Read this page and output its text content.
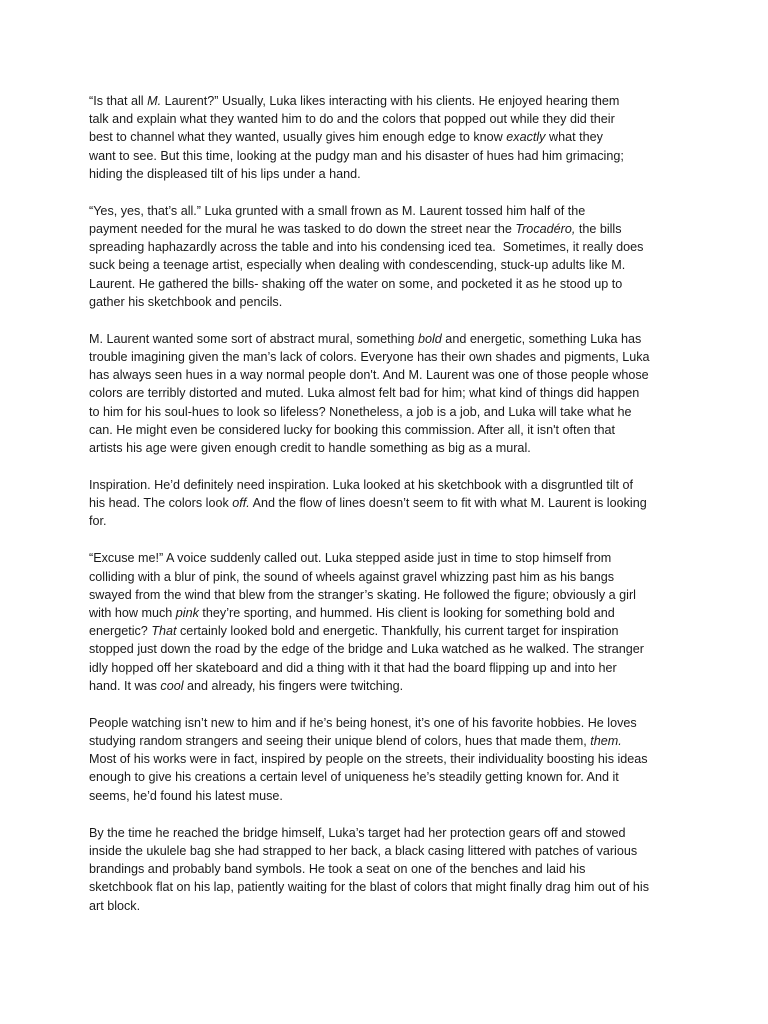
“Is that all M. Laurent?” Usually, Luka likes interacting with his clients. He enjoyed hearing them
talk and explain what they wanted him to do and the colors that popped out while they did their
best to channel what they wanted, usually gives him enough edge to know exactly what they
want to see. But this time, looking at the pudgy man and his disaster of hues had him grimacing;
hiding the displeased tilt of his lips under a hand.

“Yes, yes, that’s all.” Luka grunted with a small frown as M. Laurent tossed him half of the
payment needed for the mural he was tasked to do down the street near the Trocadéro, the bills
spreading haphazardly across the table and into his condensing iced tea.  Sometimes, it really does
suck being a teenage artist, especially when dealing with condescending, stuck-up adults like M.
Laurent. He gathered the bills- shaking off the water on some, and pocketed it as he stood up to
gather his sketchbook and pencils.

M. Laurent wanted some sort of abstract mural, something bold and energetic, something Luka has
trouble imagining given the man’s lack of colors. Everyone has their own shades and pigments, Luka
has always seen hues in a way normal people don't. And M. Laurent was one of those people whose
colors are terribly distorted and muted. Luka almost felt bad for him; what kind of things did happen
to him for his soul-hues to look so lifeless? Nonetheless, a job is a job, and Luka will take what he
can. He might even be considered lucky for booking this commission. After all, it isn't often that
artists his age were given enough credit to handle something as big as a mural.

Inspiration. He’d definitely need inspiration. Luka looked at his sketchbook with a disgruntled tilt of
his head. The colors look off. And the flow of lines doesn’t seem to fit with what M. Laurent is looking
for.

“Excuse me!” A voice suddenly called out. Luka stepped aside just in time to stop himself from
colliding with a blur of pink, the sound of wheels against gravel whizzing past him as his bangs
swayed from the wind that blew from the stranger’s skating. He followed the figure; obviously a girl
with how much pink they’re sporting, and hummed. His client is looking for something bold and
energetic? That certainly looked bold and energetic. Thankfully, his current target for inspiration
stopped just down the road by the edge of the bridge and Luka watched as he walked. The stranger
idly hopped off her skateboard and did a thing with it that had the board flipping up and into her
hand. It was cool and already, his fingers were twitching.

People watching isn’t new to him and if he’s being honest, it’s one of his favorite hobbies. He loves
studying random strangers and seeing their unique blend of colors, hues that made them, them.
Most of his works were in fact, inspired by people on the streets, their individuality boosting his ideas
enough to give his creations a certain level of uniqueness he’s steadily getting known for. And it
seems, he’d found his latest muse.

By the time he reached the bridge himself, Luka’s target had her protection gears off and stowed
inside the ukulele bag she had strapped to her back, a black casing littered with patches of various
brandings and probably band symbols. He took a seat on one of the benches and laid his
sketchbook flat on his lap, patiently waiting for the blast of colors that might finally drag him out of his
art block.
